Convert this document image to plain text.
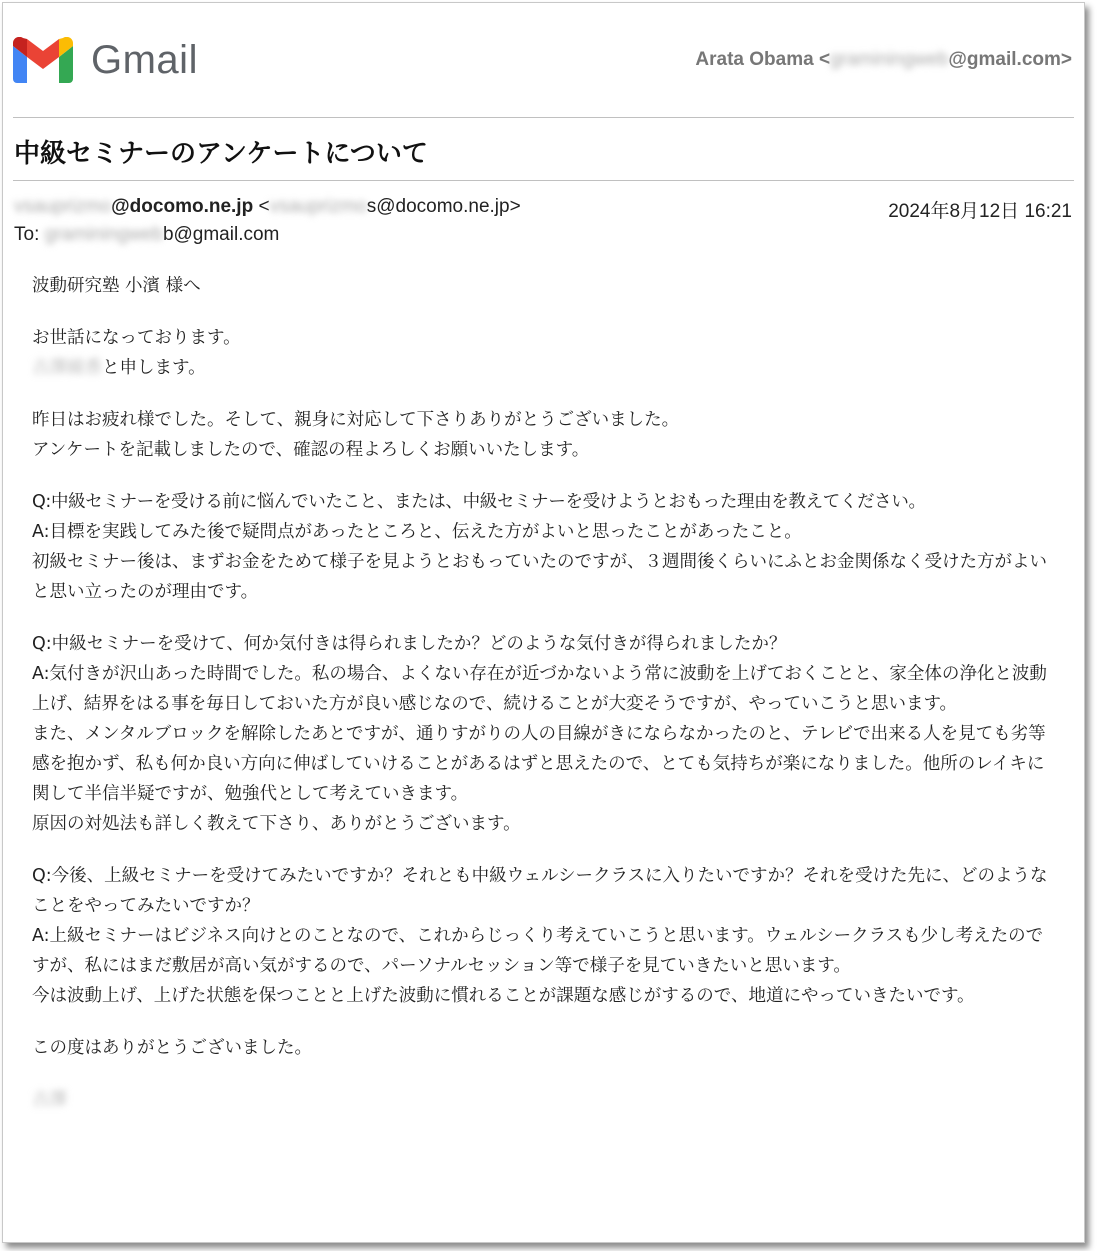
Gmail	Arata Obama <graminingweb@gmail.com>
中級セミナーのアンケートについて
vsauprizmo@docomo.ne.jp <vsauprizmos@docomo.ne.jp>	2024年8月12日 16:21
To: graminingwebb@gmail.com

波動研究塾 小濱 様へ

お世話になっております。
古澤綾香と申します。

昨日はお疲れ様でした。そして、親身に対応して下さりありがとうございました。
アンケートを記載しましたので、確認の程よろしくお願いいたします。

Q:中級セミナーを受ける前に悩んでいたこと、または、中級セミナーを受けようとおもった理由を教えてください。
A:目標を実践してみた後で疑問点があったところと、伝えた方がよいと思ったことがあったこと。
初級セミナー後は、まずお金をためて様子を見ようとおもっていたのですが、３週間後くらいにふとお金関係なく受けた方がよいと思い立ったのが理由です。

Q:中級セミナーを受けて、何か気付きは得られましたか？どのような気付きが得られましたか？
A:気付きが沢山あった時間でした。私の場合、よくない存在が近づかないよう常に波動を上げておくことと、家全体の浄化と波動上げ、結界をはる事を毎日しておいた方が良い感じなので、続けることが大変そうですが、やっていこうと思います。
また、メンタルブロックを解除したあとですが、通りすがりの人の目線がきにならなかったのと、テレビで出来る人を見ても劣等感を抱かず、私も何か良い方向に伸ばしていけることがあるはずと思えたので、とても気持ちが楽になりました。他所のレイキに関して半信半疑ですが、勉強代として考えていきます。
原因の対処法も詳しく教えて下さり、ありがとうございます。

Q:今後、上級セミナーを受けてみたいですか？それとも中級ウェルシークラスに入りたいですか？それを受けた先に、どのようなことをやってみたいですか？
A:上級セミナーはビジネス向けとのことなので、これからじっくり考えていこうと思います。ウェルシークラスも少し考えたのですが、私にはまだ敷居が高い気がするので、パーソナルセッション等で様子を見ていきたいと思います。
今は波動上げ、上げた状態を保つことと上げた波動に慣れることが課題な感じがするので、地道にやっていきたいです。

この度はありがとうございました。

古澤
